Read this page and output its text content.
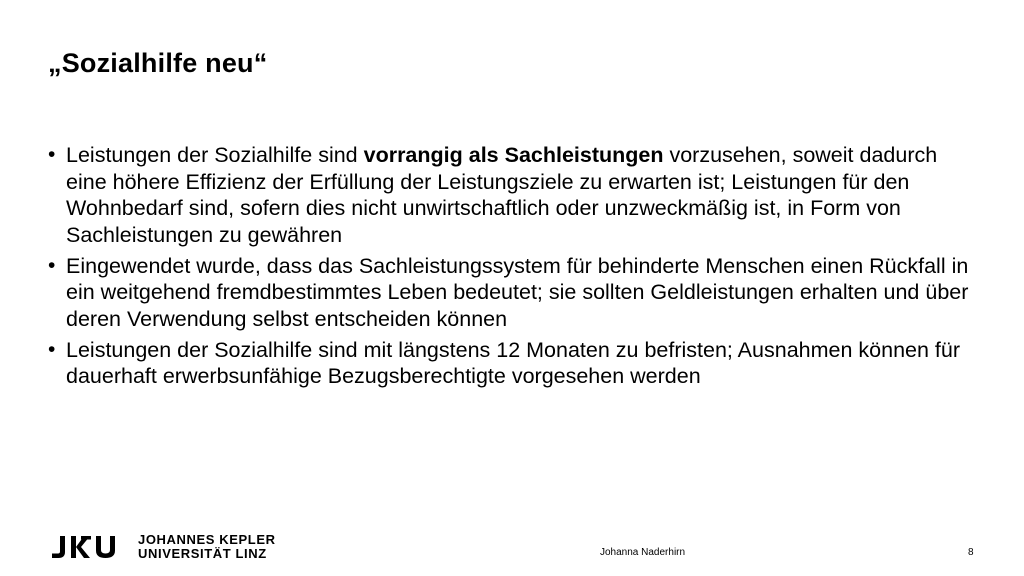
„Sozialhilfe neu“
• Leistungen der Sozialhilfe sind vorrangig als Sachleistungen vorzusehen, soweit dadurch eine höhere Effizienz der Erfüllung der Leistungsziele zu erwarten ist; Leistungen für den Wohnbedarf sind, sofern dies nicht unwirtschaftlich oder unzweckmäßig ist, in Form von Sachleistungen zu gewähren
• Eingewendet wurde, dass das Sachleistungssystem für behinderte Menschen einen Rückfall in ein weitgehend fremdbestimmtes Leben bedeutet; sie sollten Geldleistungen erhalten und über deren Verwendung selbst entscheiden können
• Leistungen der Sozialhilfe sind mit längstens 12 Monaten zu befristen; Ausnahmen können für dauerhaft erwerbsunfähige Bezugsberechtigte vorgesehen werden
JOHANNES KEPLER
UNIVERSITÄT LINZ	Johanna Naderhirn	8
